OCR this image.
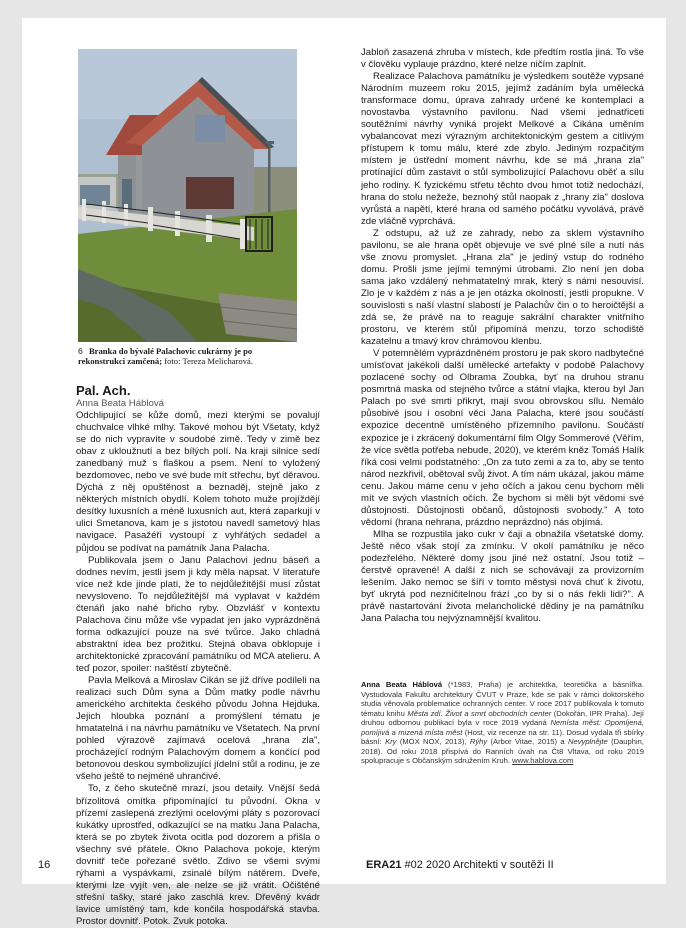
6 Branka do bývalé Palachovic cukrárny je po rekonstrukci zamčená; foto: Tereza Melicharová.
Pal. Ach.
Anna Beata Háblová

Odchlipující se kůže domů, mezi kterými se povalují chuchvalce vlhké mlhy. Takové mohou být Všetaty, když se do nich vypravíte v soudobé zimě. Tedy v zimě bez obav z ukloužnutí a bez bílých polí. Na kraji silnice sedí zanedbaný muž s flaškou a psem. Není to vyložený bezdomovec, nebo ve své bude mít střechu, byť děravou. Dýchá z něj opuštěnost a beznaděj, stejně jako z některých místních obydlí. Kolem tohoto muže projíždějí desítky luxusních a méně luxusních aut, která zaparkují v ulici Smetanova, kam je s jistotou navedl sametový hlas navigace. Pasažéři vystoupí z vyhřátých sedadel a půjdou se podívat na památník Jana Palacha.

Publikovala jsem o Janu Palachovi jednu báseň a dodnes nevím, jestli jsem ji kdy měla napsat. V literatuře více než kde jinde platí, že to nejdůležitější musí zůstat nevysloveno. To nejdůležitější má vyplavat v každém čtenáři jako nahé břicho ryby. Obzvlášť v kontextu Palachova činu může vše vypadat jen jako vyprázdněná forma odkazující pouze na své tvůrce. Jako chladná abstraktní idea bez prožitku. Stejná obava obklopuje i architektonické zpracování památníku od MCA atelieru. A teď pozor, spoiler: naštěstí zbytečně.

Pavla Melková a Miroslav Cikán se již dříve podíleli na realizaci such Dům syna a Dům matky podle návrhu amerického architekta českého původu Johna Hejduka. Jejich hloubka poznání a promýšlení tématu je hmatatelná i na návrhu památníku ve Všetatech. Na první pohled výrazově zajímavá ocelová „hrana zla", procházející rodným Palachovým domem a končící pod betonovou deskou symbolizující jídelní stůl a rodinu, je ze všeho ještě to nejméně uhrančivé.

To, z čeho skutečně mrazí, jsou detaily. Vnější šedá břízolitová omítka připomínající tu původní. Okna v přízemí zaslepená zrezlými ocelovými pláty s pozorovací kukátky uprostřed, odkazující se na matku Jana Palacha, která se po zbytek života ocitla pod dozorem a přišla o všechny své přátele. Okno Palachova pokoje, kterým dovnitř teče pořezané světlo. Zdivo se všemi svými rýhami a vyspávkami, zsinalé bílým nátěrem. Dveře, kterými lze vyjít ven, ale nelze se již vrátit. Očištěné střešní tašky, staré jako zaschlá krev. Dřevěný kvádr lavice umístěný tam, kde končila hospodářská stavba. Prostor dovnitř. Potok. Zvuk potoka.

Jabloň zasazená zhruba v místech, kde předtím rostla jiná. To vše v člověku vyplauje prázdno, které nelze ničím zaplnit.

Realizace Palachova památníku je výsledkem soutěže vypsané Národním muzeem roku 2015, jejímž zadáním byla umělecká transformace domu, úprava zahrady určené ke kontemplaci a novostavba výstavního pavilonu. Nad všemi jednatřiceti soutěžními návrhy vyniká projekt Melkové a Cikána uměním vybalancovat mezi výrazným architektonickým gestem a citlivým přístupem k tomu málu, které zde zbylo. Jediným rozpačitým místem je ústřední moment návrhu, kde se má „hrana zla" protínající dům zastavit o stůl symbolizující Palachovu oběť a sílu jeho rodiny. K fyzickému střetu těchto dvou hmot totiž nedochází, hrana do stolu nežeže, beznohý stůl naopak z „hrany zla" doslova vyrůstá a napětí, které hrana od samého počátku vyvolává, právě zde vláčně vyprchává.

Z odstupu, až už ze zahrady, nebo za sklem výstavního pavilonu, se ale hrana opět objevuje ve své plné síle a nutí nás vše znovu promyslet. „Hrana zla" je jediný vstup do rodného domu. Prošli jsme jejími temnými útrobami. Zlo není jen doba sama jako vzdálený nehmatatelný mrak, který s námi nesouvisí. Zlo je v každém z nás a je jen otázka okolností, jestli propukne. V souvislosti s naší vlastní slabostí je Palachův čin o to heroičtější a zdá se, že právě na to reaguje sakrální charakter vnitřního prostoru, ve kterém stůl připomíná menzu, torzo schodiště kazatelnu a tmavý krov chrámovou klenbu.

V potemnělém vyprázdněném prostoru je pak skoro nadbytečné umísťovat jakékoli další umělecké artefakty v podobě Palachovy pozlacené sochy od Olbrama Zoubka, byť na druhou stranu posmrtná maska od stejného tvůrce a státní vlajka, kterou byl Jan Palach po své smrti přikryt, mají svou obrovskou sílu. Nemálo působivé jsou i osobní věci Jana Palacha, které jsou součástí expozice decentně umístěného přízemního pavilonu. Součástí expozice je i zkrácený dokumentární film Olgy Sommerové (Věřím, že více světla potřeba nebude, 2020), ve kterém kněz Tomáš Halík říká cosi velmi podstatného: „On za tuto zemi a za to, aby se tento národ nezkřivil, obětoval svůj život. A tím nám ukázal, jakou máme cenu. Jakou máme cenu v jeho očích a jakou cenu bychom měli mít ve svých vlastních očích. Že bychom si měli být vědomi své důstojnosti. Důstojnosti občanů, důstojnosti svobody." A toto vědomí (hrana nehrana, prázdno neprázdno) nás objímá.

Mlha se rozpustila jako cukr v čaji a obnažila všetatské domy. Ještě něco však stojí za zmínku. V okolí památníku je něco podezřelého. Některé domy jsou jiné než ostatní. Jsou totiž – čerstvě opravené! A další z nich se schovávají za provizorním lešením. Jako nemoc se šíří v tomto městysi nová chuť k životu, byť ukrytá pod nezničitelnou frází „co by si o nás řekli lidi?". A právě nastartování života melancholické dědiny je na památníku Jana Palacha tou nejvýznamnější kvalitou.

Anna Beata Háblová (*1983, Praha) je architektka, teoretička a básnířka. Vystudovala Fakultu architektury ČVUT v Praze, kde se pak v rámci doktorského studia věnovala problematice ochranných center. V roce 2017 publikovala k tomuto tématu knihu Města zdí. Život a smrt obchodních center (Dokořán, IPR Praha). Její druhou odbornou publikací byla v roce 2019 vydaná Nemísta měst: Opomíjená, pomíjivá a mizená místa měst (Host, viz recenze na str. 11). Dosud vydala tři sbírky básní: Kry (MOX NOX, 2013), Rýhy (Arbor Vitae, 2015) a Nevyplnějte (Dauphin, 2018). Od roku 2018 přispívá do Ranních úvah na Čt8 Vltava, od roku 2019 spolupracuje s Občanským sdružením Kruh. www.hablova.com
16	ERA21 #02 2020 Architekti v soutěži II
